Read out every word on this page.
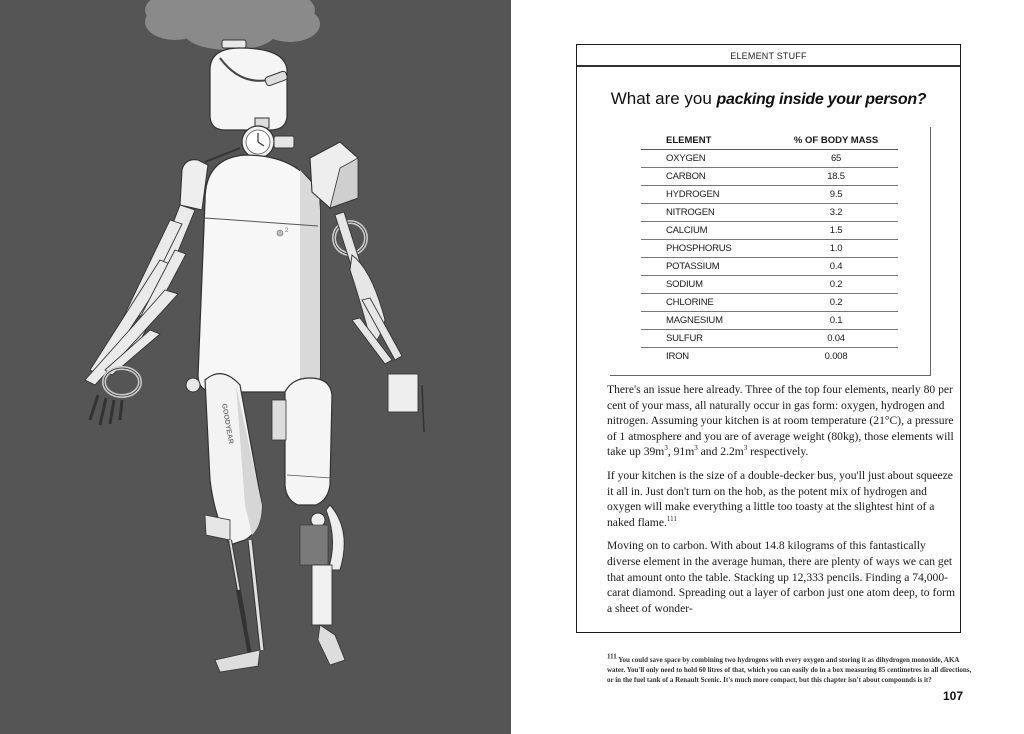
2
GOODYEAR
ELEMENT STUFF
What are you packing inside your person?
ELEMENT	% OF BODY MASS
OXYGEN	65
CARBON	18.5
HYDROGEN	9.5
NITROGEN	3.2
CALCIUM	1.5
PHOSPHORUS	1.0
POTASSIUM	0.4
SODIUM	0.2
CHLORINE	0.2
MAGNESIUM	0.1
SULFUR	0.04
IRON	0.008

There's an issue here already. Three of the top four elements, nearly 80 per cent of your mass, all naturally occur in gas form: oxygen, hydrogen and nitrogen. Assuming your kitchen is at room temperature (21°C), a pressure of 1 atmosphere and you are of average weight (80kg), those elements will take up $39m^3$, $91m^3$ and $2.2m^3$ respectively.

If your kitchen is the size of a double-decker bus, you'll just about squeeze it all in. Just don't turn on the hob, as the potent mix of hydrogen and oxygen will make everything a little too toasty at the slightest hint of a naked flame.$^{111}$

Moving on to carbon. With about 14.8 kilograms of this fantastically diverse element in the average human, there are plenty of ways we can get that amount onto the table. Stacking up 12,333 pencils. Finding a 74,000-carat diamond. Spreading out a layer of carbon just one atom deep, to form a sheet of wonder-

$^{111}$ You could save space by combining two hydrogens with every oxygen and storing it as dihydrogen monoxide, AKA water. You'll only need to hold 60 litres of that, which you can easily do in a box measuring 85 centimetres in all directions, or in the fuel tank of a Renault Scenic. It's much more compact, but this chapter isn't about compounds is it?
107
